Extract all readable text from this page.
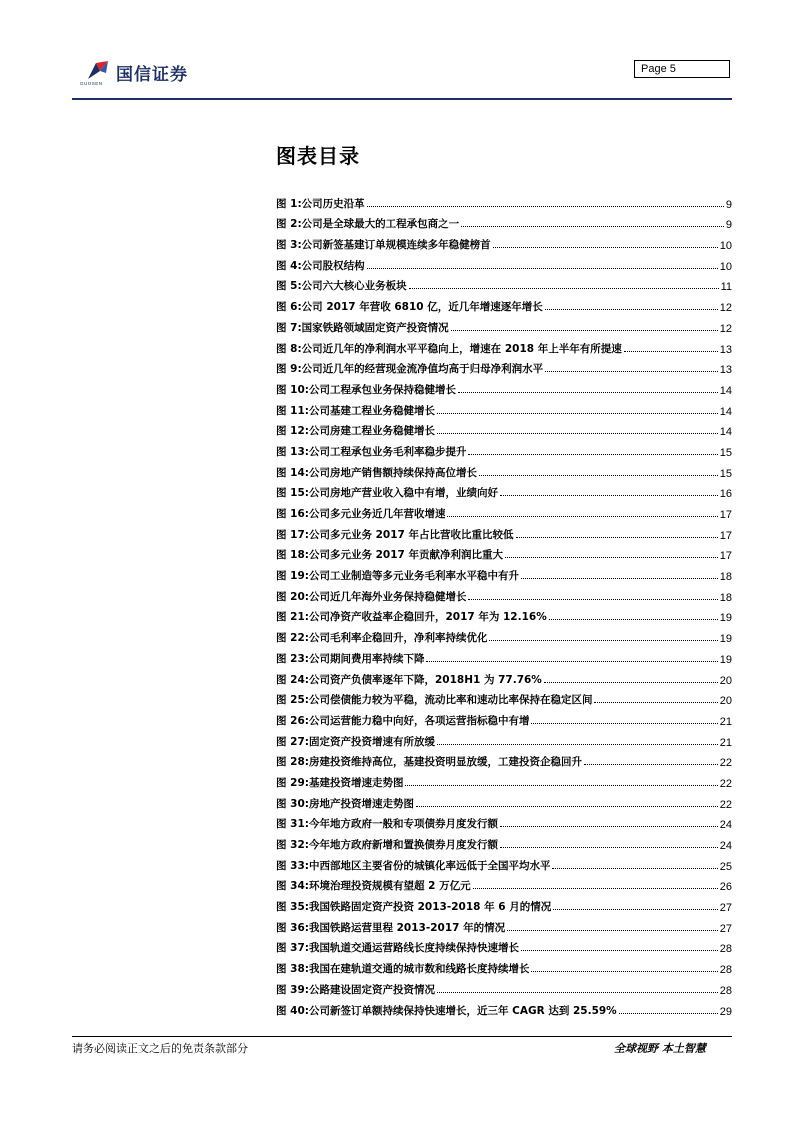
国信证券
GUOSEN
Page 5
图表目录
图 1: 公司历史沿革	9
图 2: 公司是全球最大的工程承包商之一	9
图 3: 公司新签基建订单规模连续多年稳健榜首	10
图 4: 公司股权结构	10
图 5: 公司六大核心业务板块	11
图 6: 公司 2017 年营收 6810 亿，近几年增速逐年增长	12
图 7: 国家铁路领域固定资产投资情况	12
图 8: 公司近几年的净利润水平平稳向上，增速在 2018 年上半年有所提速	13
图 9: 公司近几年的经营现金流净值均高于归母净利润水平	13
图 10: 公司工程承包业务保持稳健增长	14
图 11: 公司基建工程业务稳健增长	14
图 12: 公司房建工程业务稳健增长	14
图 13: 公司工程承包业务毛利率稳步提升	15
图 14: 公司房地产销售额持续保持高位增长	15
图 15: 公司房地产营业收入稳中有增，业绩向好	16
图 16: 公司多元业务近几年营收增速	17
图 17: 公司多元业务 2017 年占比营收比重比较低	17
图 18: 公司多元业务 2017 年贡献净利润比重大	17
图 19: 公司工业制造等多元业务毛利率水平稳中有升	18
图 20: 公司近几年海外业务保持稳健增长	18
图 21: 公司净资产收益率企稳回升，2017 年为 12.16%	19
图 22: 公司毛利率企稳回升，净利率持续优化	19
图 23: 公司期间费用率持续下降	19
图 24: 公司资产负债率逐年下降，2018H1 为 77.76%	20
图 25: 公司偿债能力较为平稳，流动比率和速动比率保持在稳定区间	20
图 26: 公司运营能力稳中向好，各项运营指标稳中有增	21
图 27: 固定资产投资增速有所放缓	21
图 28: 房建投资维持高位，基建投资明显放缓，工建投资企稳回升	22
图 29: 基建投资增速走势图	22
图 30: 房地产投资增速走势图	22
图 31: 今年地方政府一般和专项债券月度发行额	24
图 32: 今年地方政府新增和置换债券月度发行额	24
图 33: 中西部地区主要省份的城镇化率远低于全国平均水平	25
图 34: 环境治理投资规模有望超 2 万亿元	26
图 35: 我国铁路固定资产投资 2013-2018 年 6 月的情况	27
图 36: 我国铁路运营里程 2013-2017 年的情况	27
图 37: 我国轨道交通运营路线长度持续保持快速增长	28
图 38: 我国在建轨道交通的城市数和线路长度持续增长	28
图 39: 公路建设固定资产投资情况	28
图 40: 公司新签订单额持续保持快速增长，近三年 CAGR 达到 25.59%	29
请务必阅读正文之后的免责条款部分	全球视野 本土智慧
